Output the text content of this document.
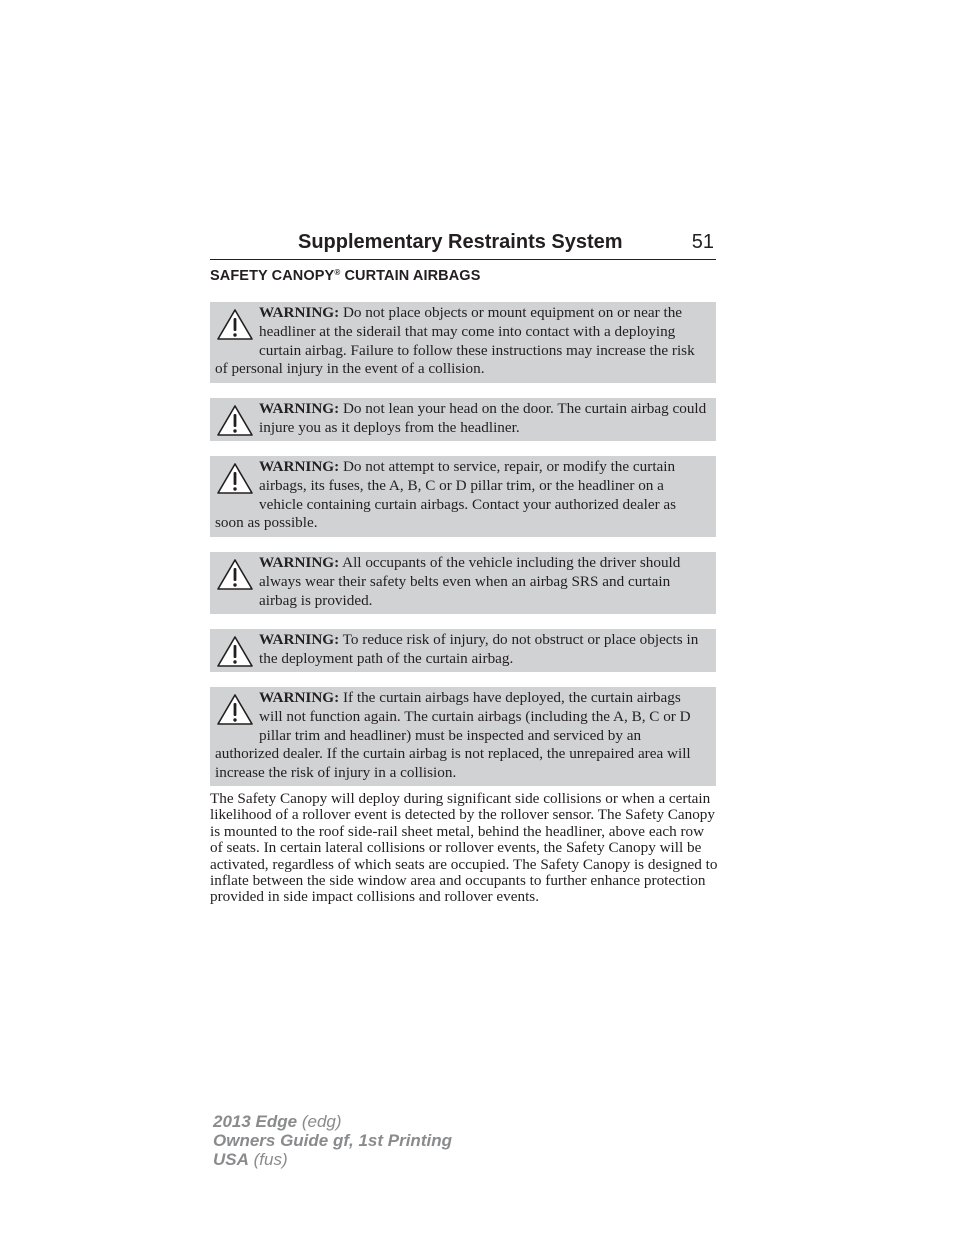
Supplementary Restraints System	51
SAFETY CANOPY® CURTAIN AIRBAGS
WARNING: Do not place objects or mount equipment on or near the headliner at the siderail that may come into contact with a deploying curtain airbag. Failure to follow these instructions may increase the risk of personal injury in the event of a collision.
WARNING: Do not lean your head on the door. The curtain airbag could injure you as it deploys from the headliner.
WARNING: Do not attempt to service, repair, or modify the curtain airbags, its fuses, the A, B, C or D pillar trim, or the headliner on a vehicle containing curtain airbags. Contact your authorized dealer as soon as possible.
WARNING: All occupants of the vehicle including the driver should always wear their safety belts even when an airbag SRS and curtain airbag is provided.
WARNING: To reduce risk of injury, do not obstruct or place objects in the deployment path of the curtain airbag.
WARNING: If the curtain airbags have deployed, the curtain airbags will not function again. The curtain airbags (including the A, B, C or D pillar trim and headliner) must be inspected and serviced by an authorized dealer. If the curtain airbag is not replaced, the unrepaired area will increase the risk of injury in a collision.
The Safety Canopy will deploy during significant side collisions or when a certain likelihood of a rollover event is detected by the rollover sensor. The Safety Canopy is mounted to the roof side-rail sheet metal, behind the headliner, above each row of seats. In certain lateral collisions or rollover events, the Safety Canopy will be activated, regardless of which seats are occupied. The Safety Canopy is designed to inflate between the side window area and occupants to further enhance protection provided in side impact collisions and rollover events.
2013 Edge (edg)
Owners Guide gf, 1st Printing
USA (fus)
